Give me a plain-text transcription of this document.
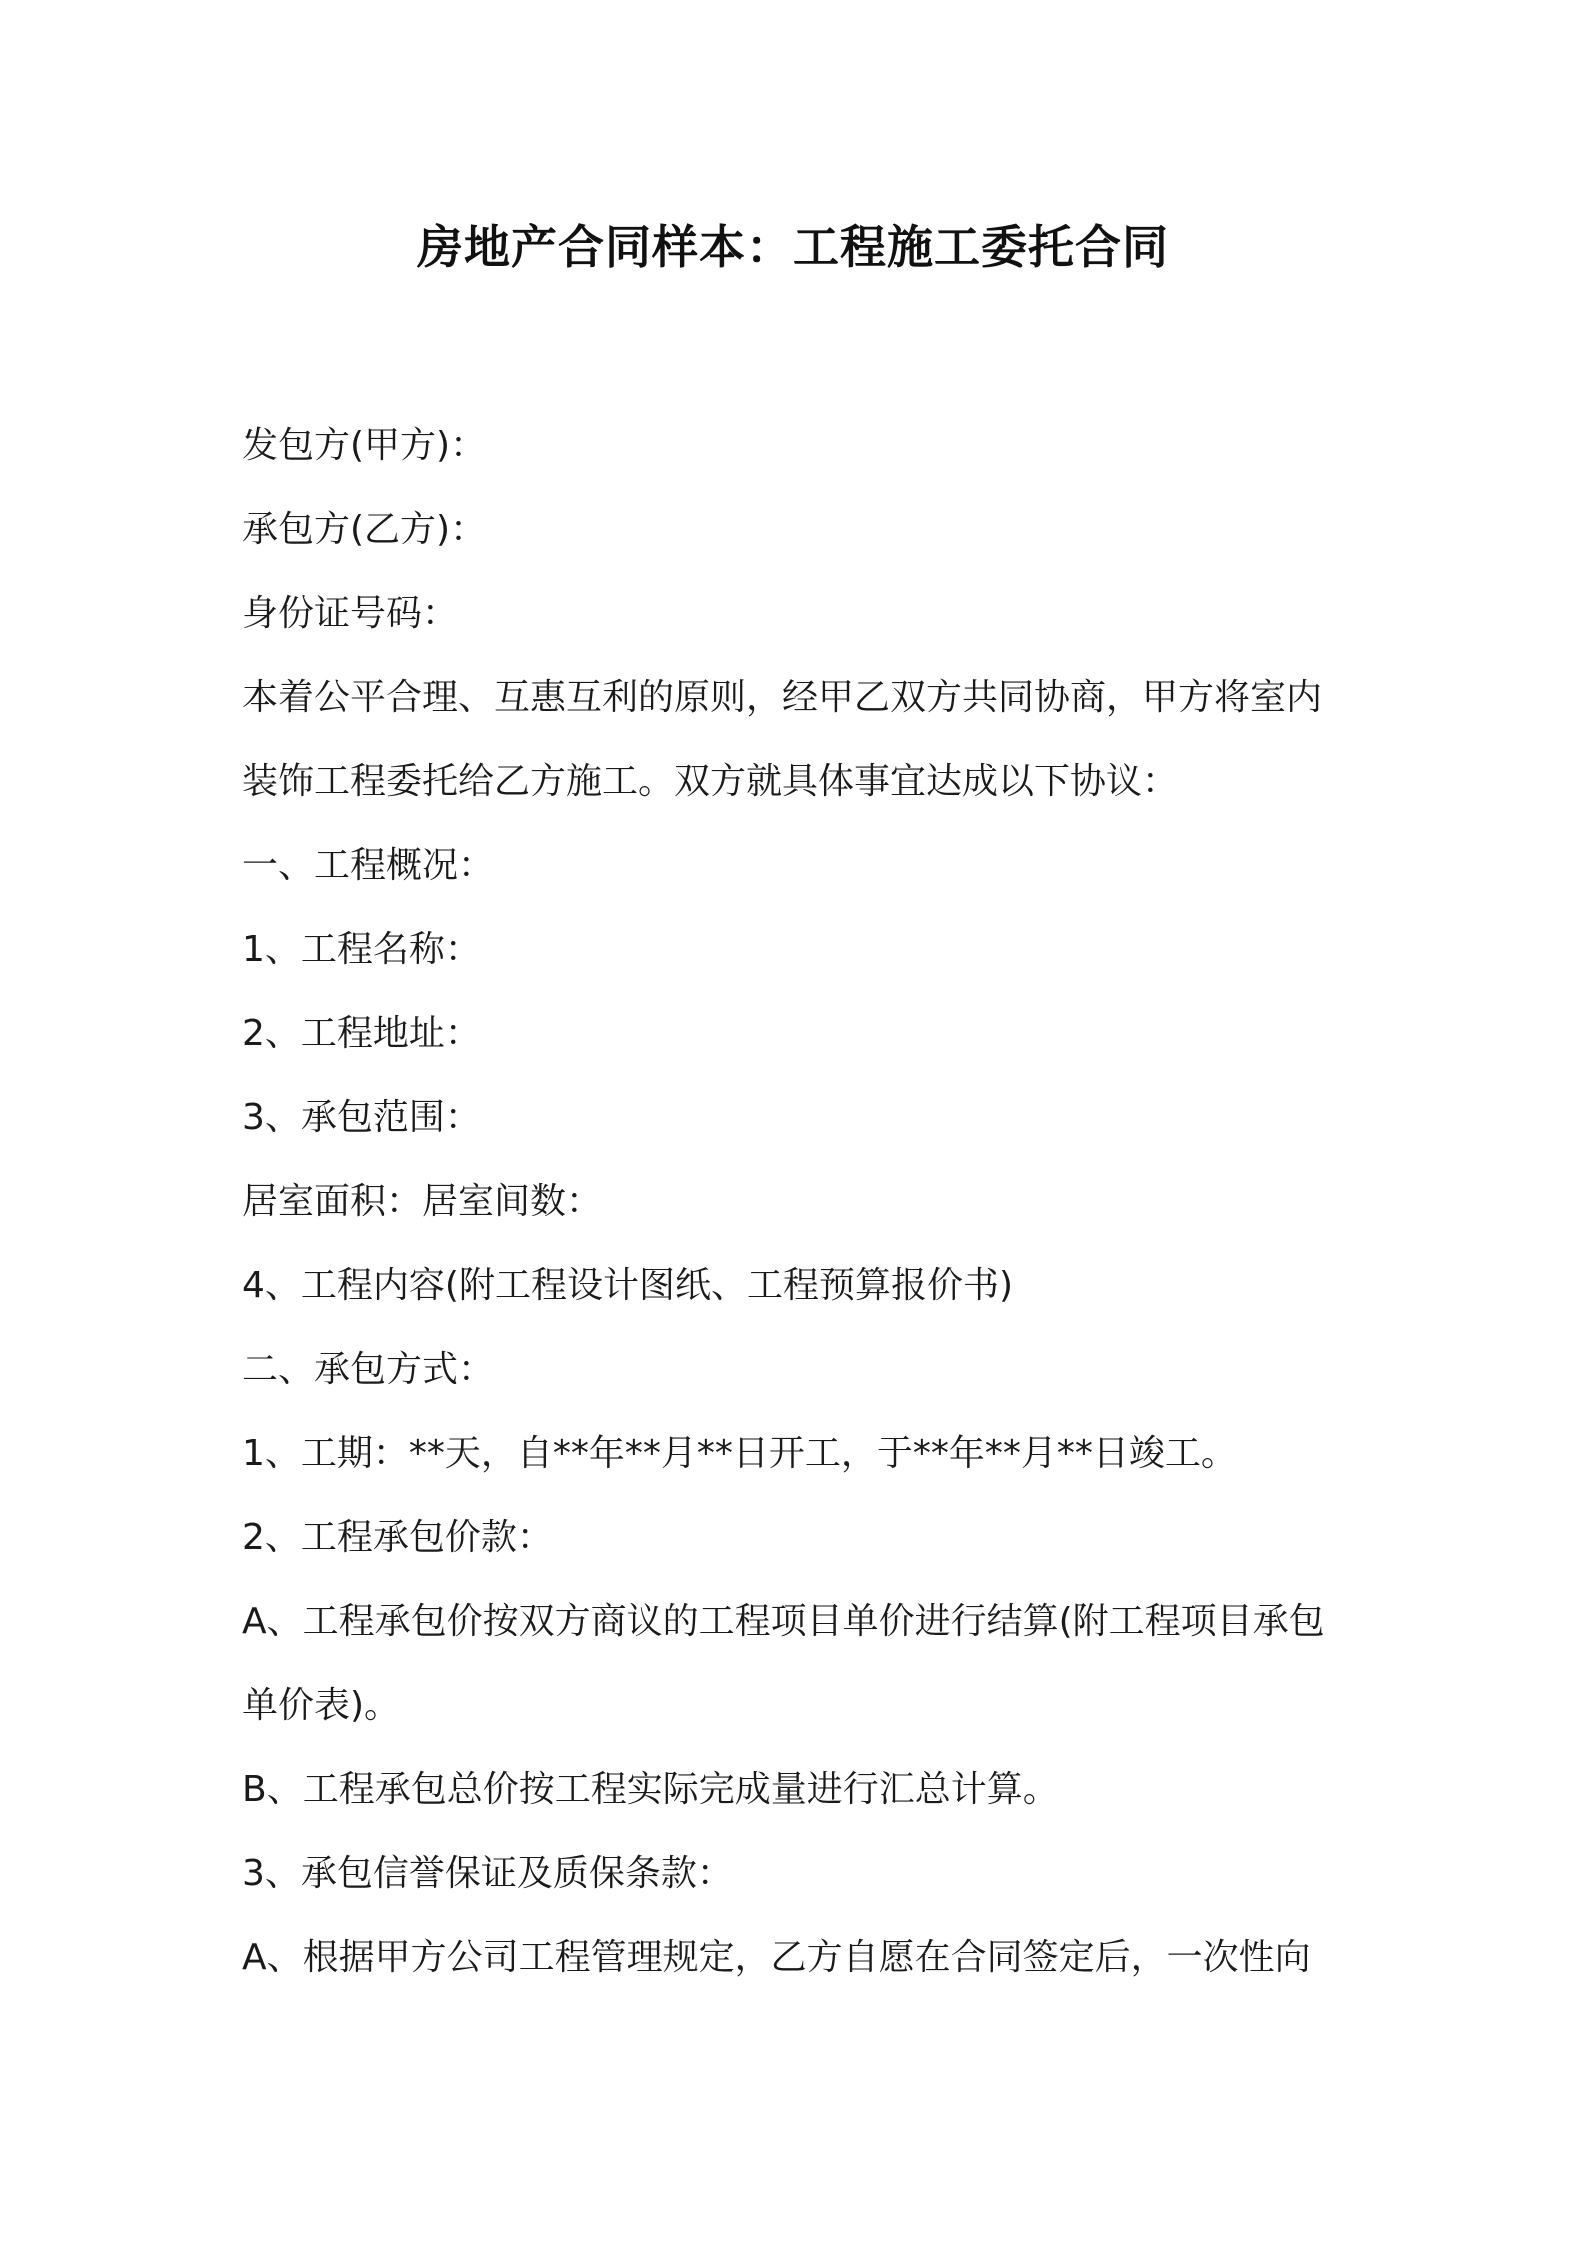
房地产合同样本：工程施工委托合同
发包方(甲方)：
承包方(乙方)：
身份证号码：
本着公平合理、互惠互利的原则，经甲乙双方共同协商，甲方将室内
装饰工程委托给乙方施工。双方就具体事宜达成以下协议：
一、工程概况：
1、工程名称：
2、工程地址：
3、承包范围：
居室面积：居室间数：
4、工程内容(附工程设计图纸、工程预算报价书)
二、承包方式：
1、工期：**天，自**年**月**日开工，于**年**月**日竣工。
2、工程承包价款：
A、工程承包价按双方商议的工程项目单价进行结算(附工程项目承包
单价表)。
B、工程承包总价按工程实际完成量进行汇总计算。
3、承包信誉保证及质保条款：
A、根据甲方公司工程管理规定，乙方自愿在合同签定后，一次性向
